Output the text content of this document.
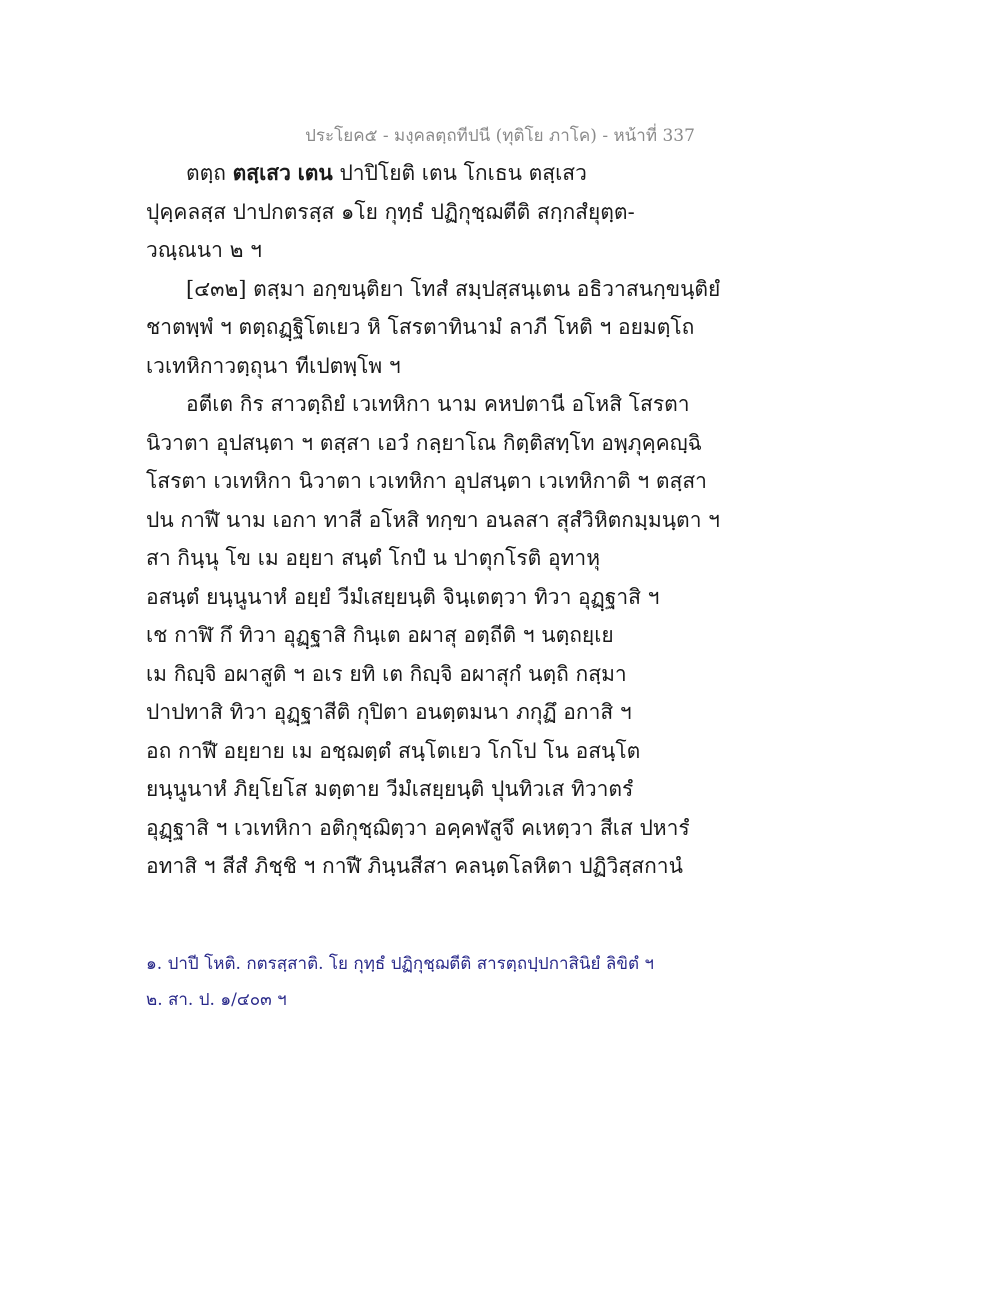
ประโยค๕ - มงฺคลตฺถทีปนี (ทุติโย ภาโค) - หน้าที่ 337
ตตฺถ ตสฺเสว เตน ปาปิโยติ เตน โกเธน ตสฺเสว
ปุคฺคลสฺส ปาปกตรสฺส ๑โย กุทฺธํ ปฏิกุชฺฌตีติ สกฺกสํยุตฺต-
วณฺณนา ๒ ฯ
[๔๓๒] ตสฺมา อกฺขนฺติยา โทสํ สมฺปสฺสนฺเตน อธิวาสนกฺขนฺติยํ
ชาตพฺพํ ฯ ตตฺถฏฺฐิโตเยว หิ โสรตาทินามํ ลาภี โหติ ฯ อยมตฺโถ
เวเทหิกาวตฺถุนา ทีเปตพฺโพ ฯ
อตีเต กิร สาวตฺถิยํ เวเทหิกา นาม คหปตานี อโหสิ โสรตา
นิวาตา อุปสนฺตา ฯ ตสฺสา เอวํ กลฺยาโณ กิตฺติสทฺโท อพฺภุคฺคญฺฉิ
โสรตา เวเทหิกา นิวาตา เวเทหิกา อุปสนฺตา เวเทหิกาติ ฯ ตสฺสา
ปน กาฬี นาม เอกา ทาสี อโหสิ ทกฺขา อนลสา สุสํวิหิตกมฺมนฺตา ฯ
สา กินฺนุ โข เม อยฺยา สนฺตํ โกปํ น ปาตุกโรติ อุทาหุ
อสนฺตํ ยนฺนูนาหํ อยฺยํ วีมํเสยฺยนฺติ จินฺเตตฺวา ทิวา อุฏฺฐาสิ ฯ
เช กาฬิ กึ ทิวา อุฏฺฐาสิ กินฺเต อผาสุ อตฺถีติ ฯ นตฺถยฺเย
เม กิญฺจิ อผาสูติ ฯ อเร ยทิ เต กิญฺจิ อผาสุกํ นตฺถิ กสฺมา
ปาปทาสิ ทิวา อุฏฺฐาสีติ กุปิตา อนตฺตมนา ภกุฏึ อกาสิ ฯ
อถ กาฬี อยฺยาย เม อชฺฌตฺตํ สนฺโตเยว โกโป โน อสนฺโต
ยนฺนูนาหํ ภิยฺโยโส มตฺตาย วีมํเสยฺยนฺติ ปุนทิวเส ทิวาตรํ
อุฏฺฐาสิ ฯ เวเทหิกา อติกุชฺฌิตฺวา อคฺคฬสูจึ คเหตฺวา สีเส ปหารํ
อทาสิ ฯ สีสํ ภิชฺชิ ฯ กาฬี ภินฺนสีสา คลนฺตโลหิตา ปฏิวิสฺสกานํ
๑. ปาปี โหติ. กตรสฺสาติ. โย กุทฺธํ ปฏิกุชฺฌตีติ สารตฺถปฺปกาสินิยํ ลิขิตํ ฯ
๒. สา. ป. ๑/๔๐๓ ฯ
